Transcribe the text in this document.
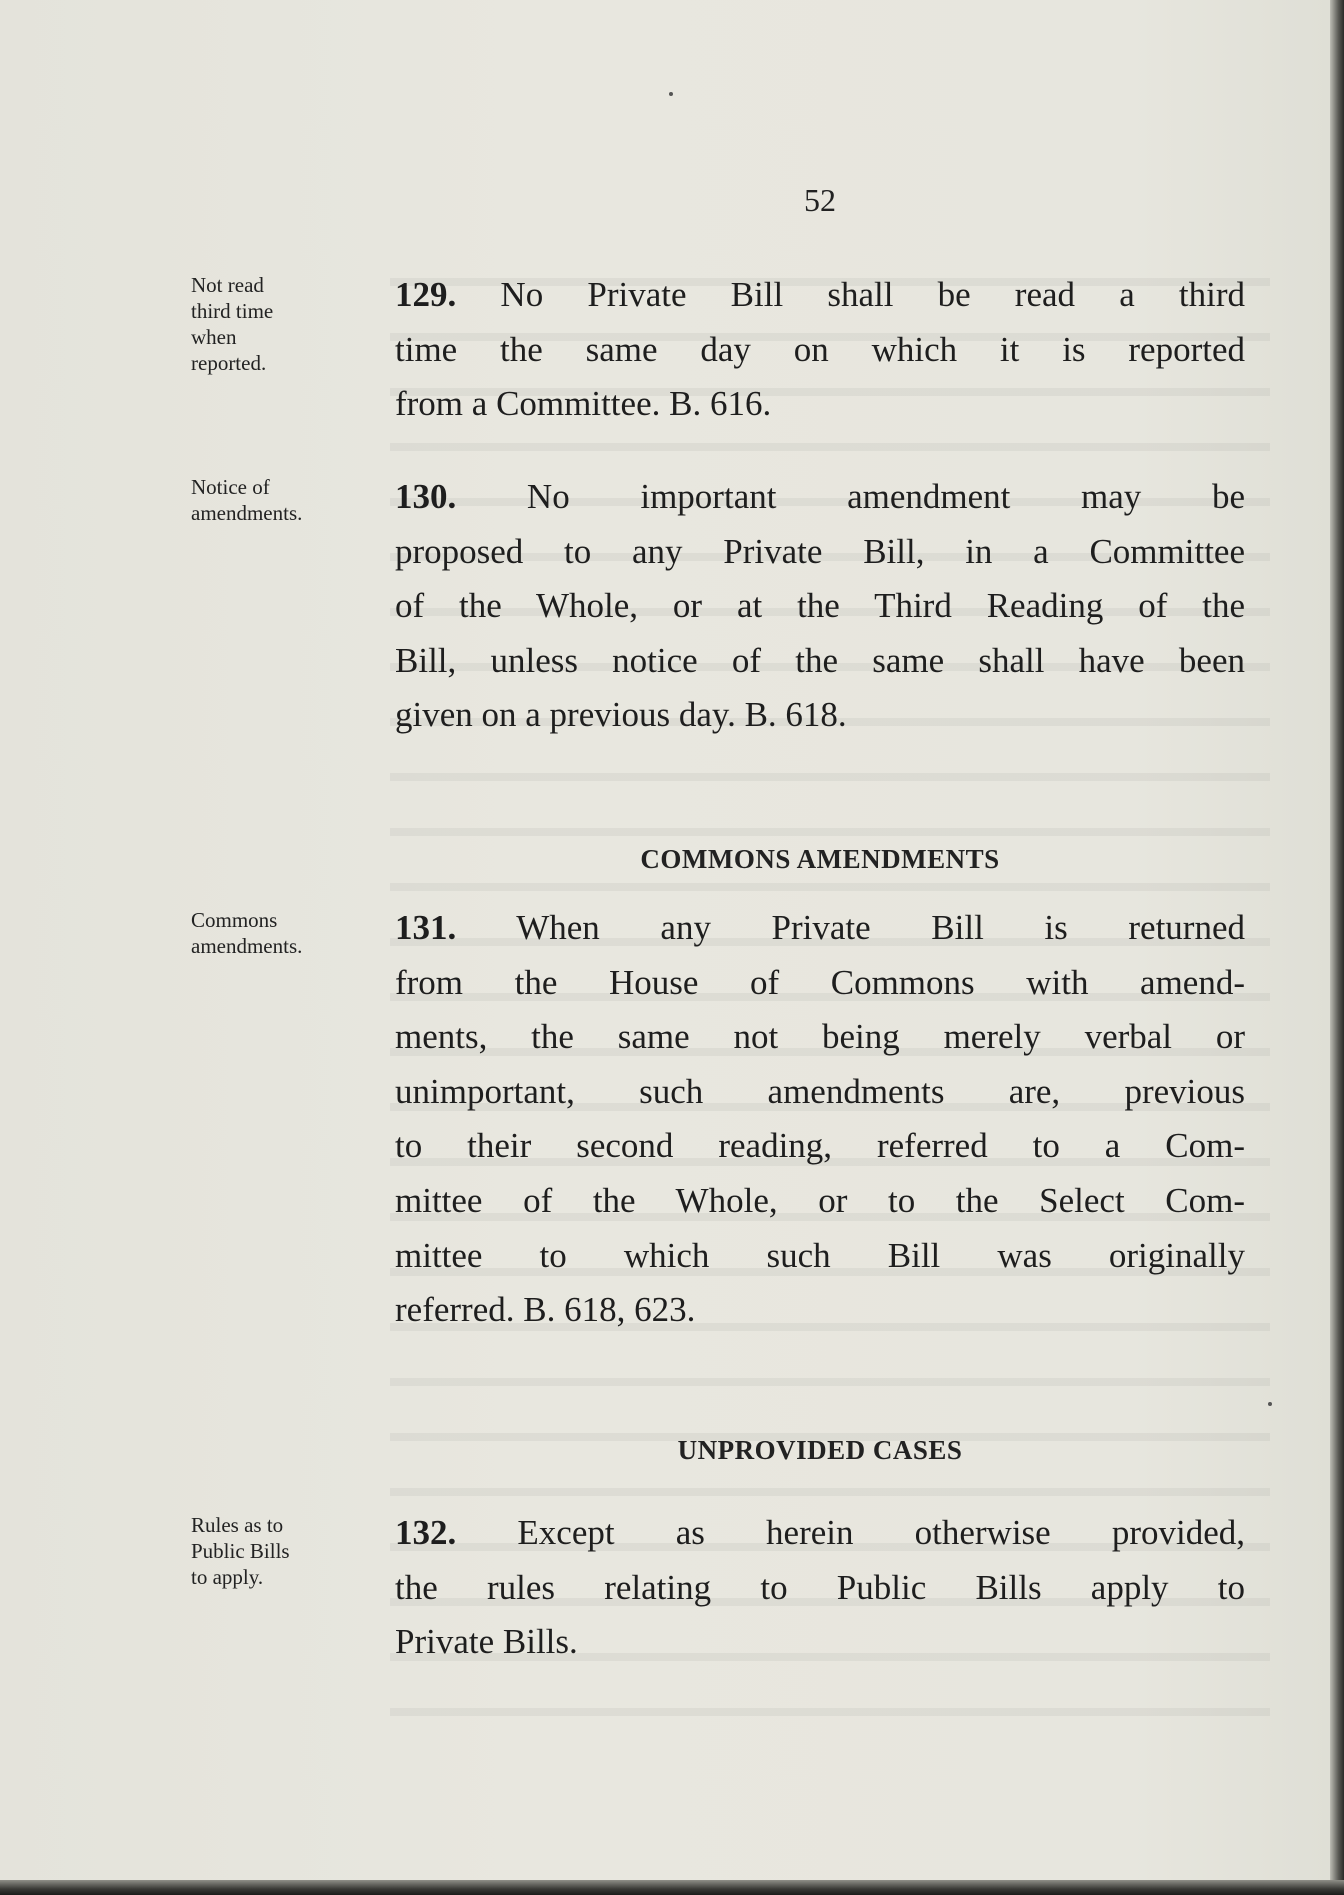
52
Not read
third time
when
reported.
129. No Private Bill shall be read a third
time the same day on which it is reported
from a Committee. B. 616.
Notice of
amendments.	130. No important amendment may be
proposed to any Private Bill, in a Committee
of the Whole, or at the Third Reading of the
Bill, unless notice of the same shall have been
given on a previous day. B. 618.
COMMONS AMENDMENTS
Commons
amendments.	131. When any Private Bill is returned
from the House of Commons with amend-
ments, the same not being merely verbal or
unimportant, such amendments are, previous
to their second reading, referred to a Com-
mittee of the Whole, or to the Select Com-
mittee to which such Bill was originally
referred. B. 618, 623.
UNPROVIDED CASES
Rules as to
Public Bills
to apply.
132. Except as herein otherwise provided,
the rules relating to Public Bills apply to
Private Bills.
